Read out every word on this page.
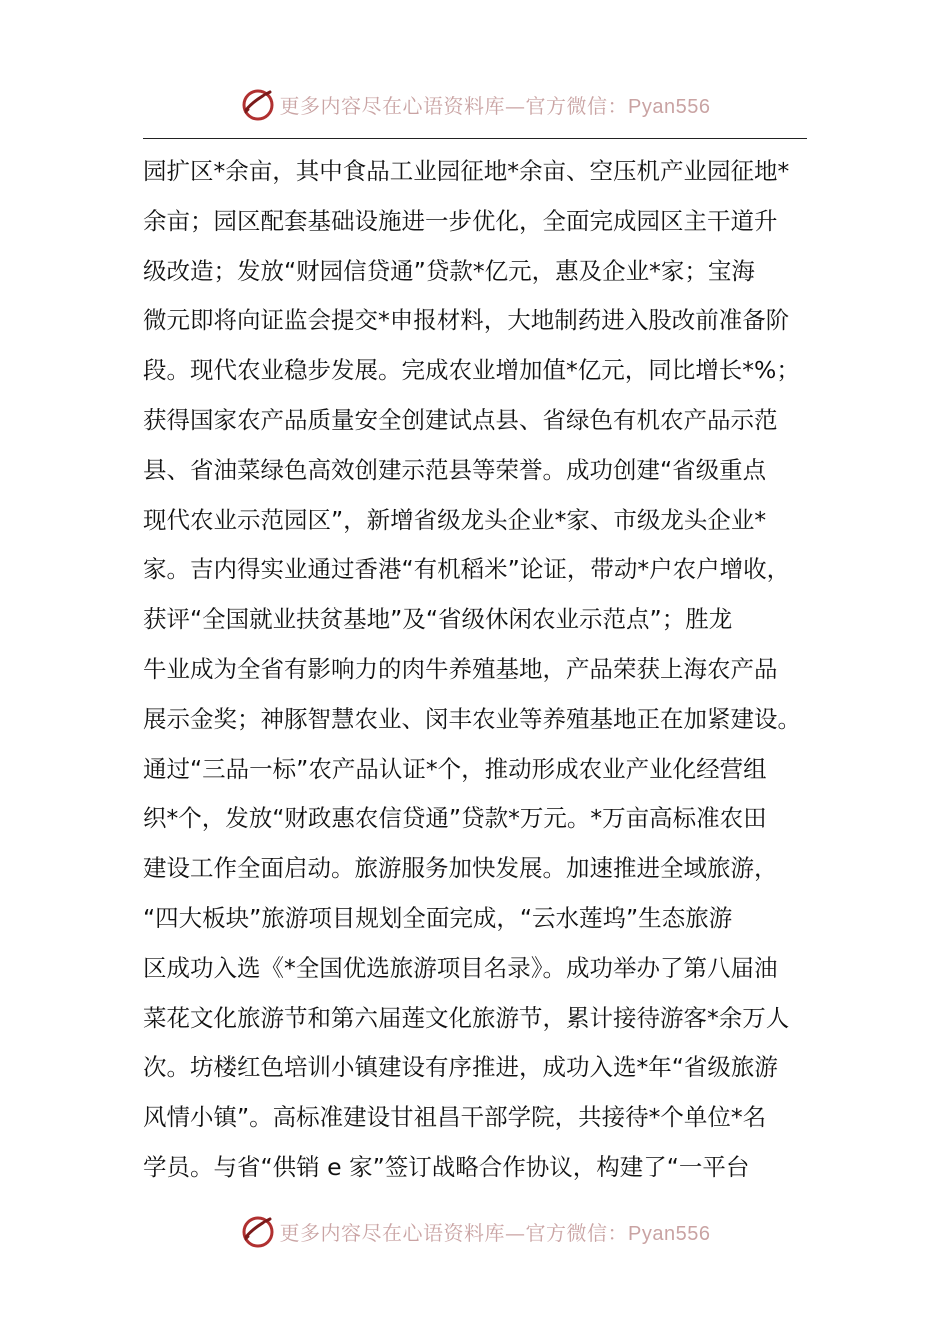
更多内容尽在心语资料库—官方微信：Pyan556
园扩区*余亩，其中食品工业园征地*余亩、空压机产业园征地*
余亩；园区配套基础设施进一步优化，全面完成园区主干道升
级改造；发放“财园信贷通”贷款*亿元，惠及企业*家；宝海
微元即将向证监会提交*申报材料，大地制药进入股改前准备阶
段。现代农业稳步发展。完成农业增加值*亿元，同比增长*%；
获得国家农产品质量安全创建试点县、省绿色有机农产品示范
县、省油菜绿色高效创建示范县等荣誉。成功创建“省级重点
现代农业示范园区”，新增省级龙头企业*家、市级龙头企业*
家。吉内得实业通过香港“有机稻米”论证，带动*户农户增收，
获评“全国就业扶贫基地”及“省级休闲农业示范点”；胜龙
牛业成为全省有影响力的肉牛养殖基地，产品荣获上海农产品
展示金奖；神豚智慧农业、闵丰农业等养殖基地正在加紧建设。
通过“三品一标”农产品认证*个，推动形成农业产业化经营组
织*个，发放“财政惠农信贷通”贷款*万元。*万亩高标准农田
建设工作全面启动。旅游服务加快发展。加速推进全域旅游，
“四大板块”旅游项目规划全面完成，“云水莲坞”生态旅游
区成功入选《*全国优选旅游项目名录》。成功举办了第八届油
菜花文化旅游节和第六届莲文化旅游节，累计接待游客*余万人
次。坊楼红色培训小镇建设有序推进，成功入选*年“省级旅游
风情小镇”。高标准建设甘祖昌干部学院，共接待*个单位*名
学员。与省“供销 e 家”签订战略合作协议，构建了“一平台
更多内容尽在心语资料库—官方微信：Pyan556
